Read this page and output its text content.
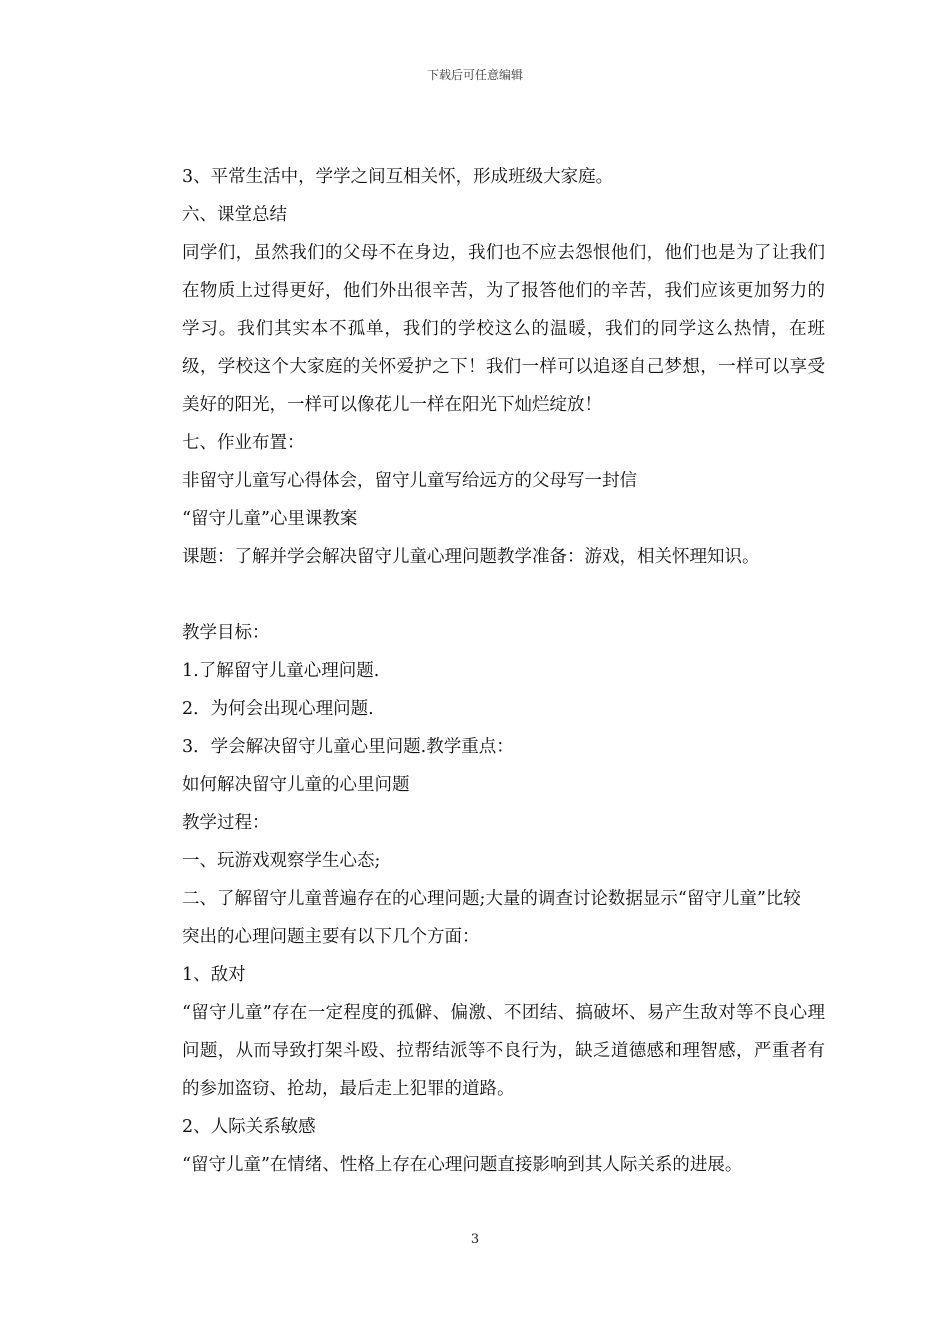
下载后可任意编辑

3、平常生活中，学学之间互相关怀，形成班级大家庭。

六、课堂总结

同学们，虽然我们的父母不在身边，我们也不应去怨恨他们，他们也是为了让我们在物质上过得更好，他们外出很辛苦，为了报答他们的辛苦，我们应该更加努力的学习。我们其实本不孤单，我们的学校这么的温暖，我们的同学这么热情，在班级，学校这个大家庭的关怀爱护之下！我们一样可以追逐自己梦想，一样可以享受美好的阳光，一样可以像花儿一样在阳光下灿烂绽放！

七、作业布置：

非留守儿童写心得体会，留守儿童写给远方的父母写一封信

“留守儿童”心里课教案

课题：了解并学会解决留守儿童心理问题教学准备：游戏，相关怀理知识。

教学目标：

1.了解留守儿童心理问题.

2．为何会出现心理问题.

3．学会解决留守儿童心里问题.教学重点：

如何解决留守儿童的心里问题

教学过程：

一、玩游戏观察学生心态;

二、了解留守儿童普遍存在的心理问题;大量的调查讨论数据显示“留守儿童”比较

突出的心理问题主要有以下几个方面：

1、敌对

“留守儿童”存在一定程度的孤僻、偏激、不团结、搞破坏、易产生敌对等不良心理问题，从而导致打架斗殴、拉帮结派等不良行为，缺乏道德感和理智感，严重者有的参加盗窃、抢劫，最后走上犯罪的道路。

2、人际关系敏感

“留守儿童”在情绪、性格上存在心理问题直接影响到其人际关系的进展。

3
